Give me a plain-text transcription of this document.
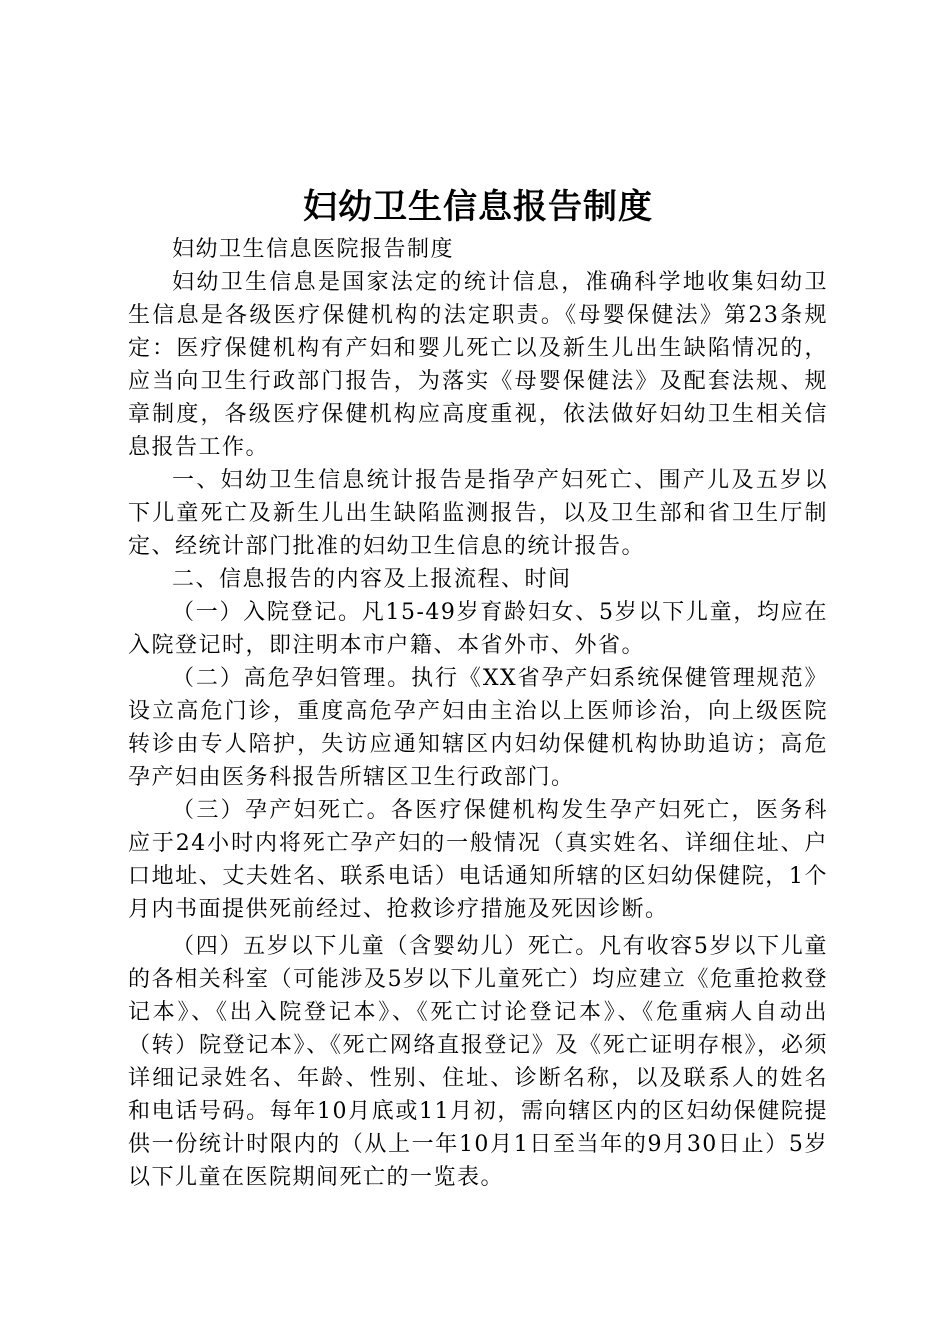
妇幼卫生信息报告制度

妇幼卫生信息医院报告制度

妇幼卫生信息是国家法定的统计信息，准确科学地收集妇幼卫生信息是各级医疗保健机构的法定职责。《母婴保健法》第23条规定：医疗保健机构有产妇和婴儿死亡以及新生儿出生缺陷情况的，应当向卫生行政部门报告，为落实《母婴保健法》及配套法规、规章制度，各级医疗保健机构应高度重视，依法做好妇幼卫生相关信息报告工作。

一、妇幼卫生信息统计报告是指孕产妇死亡、围产儿及五岁以下儿童死亡及新生儿出生缺陷监测报告，以及卫生部和省卫生厅制定、经统计部门批准的妇幼卫生信息的统计报告。

二、信息报告的内容及上报流程、时间

（一）入院登记。凡15-49岁育龄妇女、5岁以下儿童，均应在入院登记时，即注明本市户籍、本省外市、外省。

（二）高危孕妇管理。执行《XX省孕产妇系统保健管理规范》设立高危门诊，重度高危孕产妇由主治以上医师诊治，向上级医院转诊由专人陪护，失访应通知辖区内妇幼保健机构协助追访；高危孕产妇由医务科报告所辖区卫生行政部门。

（三）孕产妇死亡。各医疗保健机构发生孕产妇死亡，医务科应于24小时内将死亡孕产妇的一般情况（真实姓名、详细住址、户口地址、丈夫姓名、联系电话）电话通知所辖的区妇幼保健院，1个月内书面提供死前经过、抢救诊疗措施及死因诊断。

（四）五岁以下儿童（含婴幼儿）死亡。凡有收容5岁以下儿童的各相关科室（可能涉及5岁以下儿童死亡）均应建立《危重抢救登记本》、《出入院登记本》、《死亡讨论登记本》、《危重病人自动出（转）院登记本》、《死亡网络直报登记》及《死亡证明存根》，必须详细记录姓名、年龄、性别、住址、诊断名称，以及联系人的姓名和电话号码。每年10月底或11月初，需向辖区内的区妇幼保健院提供一份统计时限内的（从上一年10月1日至当年的9月30日止）5岁以下儿童在医院期间死亡的一览表。
